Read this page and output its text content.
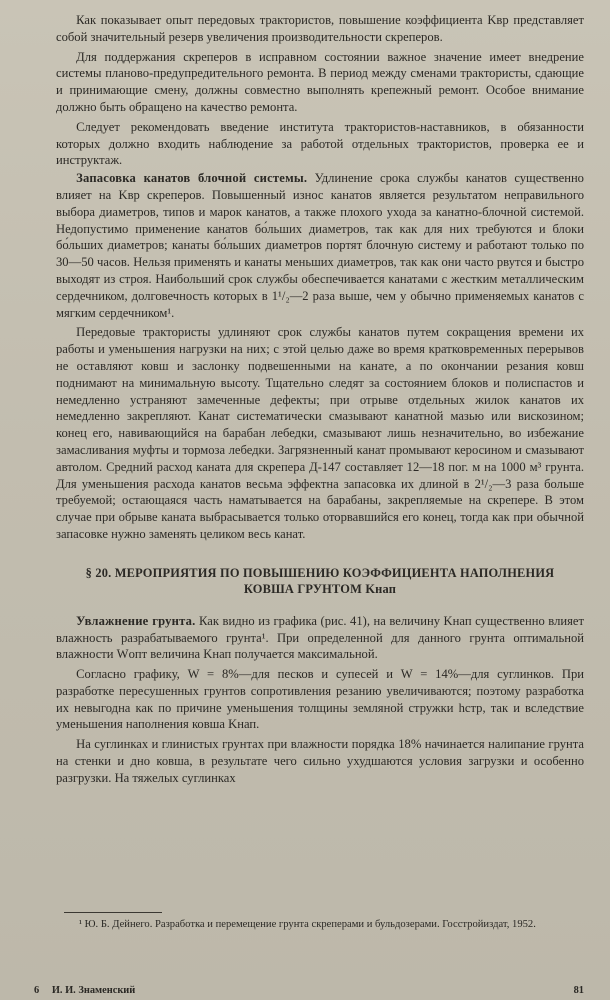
Как показывает опыт передовых трактористов, повышение коэффициента Kвр представляет собой значительный резерв увеличения производительности скреперов.

Для поддержания скреперов в исправном состоянии важное значение имеет внедрение системы планово-предупредительного ремонта. В период между сменами трактористы, сдающие и принимающие смену, должны совместно выполнять крепежный ремонт. Особое внимание должно быть обращено на качество ремонта.

Следует рекомендовать введение института трактористов-наставников, в обязанности которых должно входить наблюдение за работой отдельных трактористов, проверка ее и инструктаж.

Запасовка канатов блочной системы. Удлинение срока службы канатов существенно влияет на Kвр скреперов. Повышенный износ канатов является результатом неправильного выбора диаметров, типов и марок канатов, а также плохого ухода за канатно-блочной системой. Недопустимо применение канатов бо́льших диаметров, так как для них требуются и блоки бо́льших диаметров; канаты бо́льших диаметров портят блочную систему и работают только по 30—50 часов. Нельзя применять и канаты меньших диаметров, так как они часто рвутся и быстро выходят из строя. Наибольший срок службы обеспечивается канатами с жестким металлическим сердечником, долговечность которых в 1¹/₂—2 раза выше, чем у обычно применяемых канатов с мягким сердечником¹.

Передовые трактористы удлиняют срок службы канатов путем сокращения времени их работы и уменьшения нагрузки на них; с этой целью даже во время кратковременных перерывов не оставляют ковш и заслонку подвешенными на канате, а по окончании резания ковш поднимают на минимальную высоту. Тщательно следят за состоянием блоков и полиспастов и немедленно устраняют замеченные дефекты; при отрыве отдельных жилок канатов их немедленно закрепляют. Канат систематически смазывают канатной мазью или вискозином; конец его, навивающийся на барабан лебедки, смазывают лишь незначительно, во избежание замасливания муфты и тормоза лебедки. Загрязненный канат промывают керосином и смазывают автолом. Средний расход каната для скрепера Д-147 составляет 12—18 пог. м на 1000 м³ грунта. Для уменьшения расхода канатов весьма эффектна запасовка их длиной в 2¹/₂—3 раза больше требуемой; остающаяся часть наматывается на барабаны, закрепляемые на скрепере. В этом случае при обрыве каната выбрасывается только оторвавшийся его конец, тогда как при обычной запасовке нужно заменять целиком весь канат.

§ 20. МЕРОПРИЯТИЯ ПО ПОВЫШЕНИЮ КОЭФФИЦИЕНТА НАПОЛНЕНИЯ КОВША ГРУНТОМ Kнап

Увлажнение грунта. Как видно из графика (рис. 41), на величину Kнап существенно влияет влажность разрабатываемого грунта¹. При определенной для данного грунта оптимальной влажности Wопт величина Kнап получается максимальной.

Согласно графику, W = 8%—для песков и супесей и W = 14%—для суглинков. При разработке пересушенных грунтов сопротивления резанию увеличиваются; поэтому разработка их невыгодна как по причине уменьшения толщины земляной стружки hстр, так и вследствие уменьшения наполнения ковша Kнап.

На суглинках и глинистых грунтах при влажности порядка 18% начинается налипание грунта на стенки и дно ковша, в результате чего сильно ухудшаются условия загрузки и особенно разгрузки. На тяжелых суглинках

¹ Ю. Б. Дейнего. Разработка и перемещение грунта скреперами и бульдозерами. Госстройиздат, 1952.
6 И. И. Знаменский	81
